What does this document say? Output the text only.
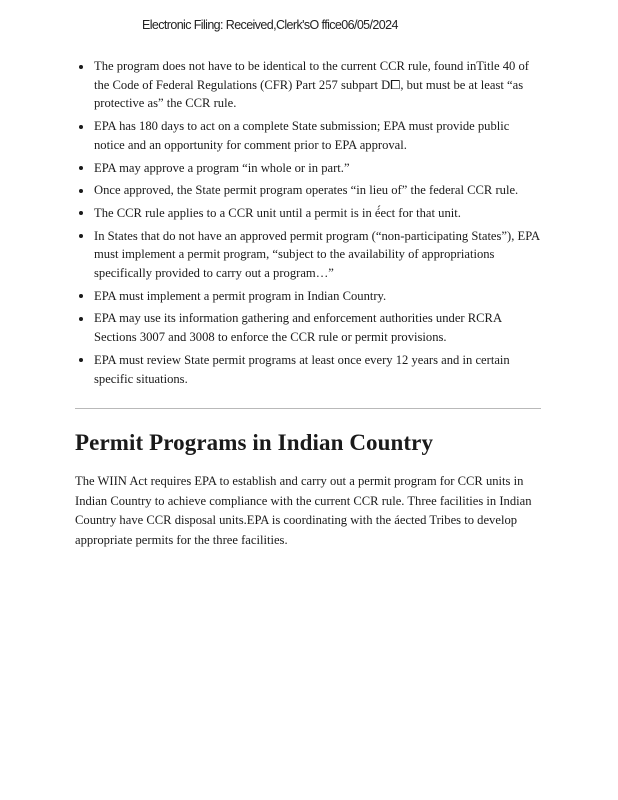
Electronic Filing: Received,Clerk'sO ffice06/05/2024
The program does not have to be identical to the current CCR rule, found inTitle 40 of the Code of Federal Regulations (CFR) Part 257 subpart D⧠, but must be at least “as protective as” the CCR rule.
EPA has 180 days to act on a complete State submission; EPA must provide public notice and an opportunity for comment prior to EPA approval.
EPA may approve a program “in whole or in part.”
Once approved, the State permit program operates “in lieu of” the federal CCR rule.
The CCR rule applies to a CCR unit until a permit is in é́ect for that unit.
In States that do not have an approved permit program (“non-participating States”), EPA must implement a permit program, “subject to the availability of appropriations specifically provided to carry out a program…”
EPA must implement a permit program in Indian Country.
EPA may use its information gathering and enforcement authorities under RCRA Sections 3007 and 3008 to enforce the CCR rule or permit provisions.
EPA must review State permit programs at least once every 12 years and in certain specific situations.
Permit Programs in Indian Country

The WIIN Act requires EPA to establish and carry out a permit program for CCR units in Indian Country to achieve compliance with the current CCR rule. Three facilities in Indian Country have CCR disposal units.EPA is coordinating with the áected Tribes to develop appropriate permits for the three facilities.
